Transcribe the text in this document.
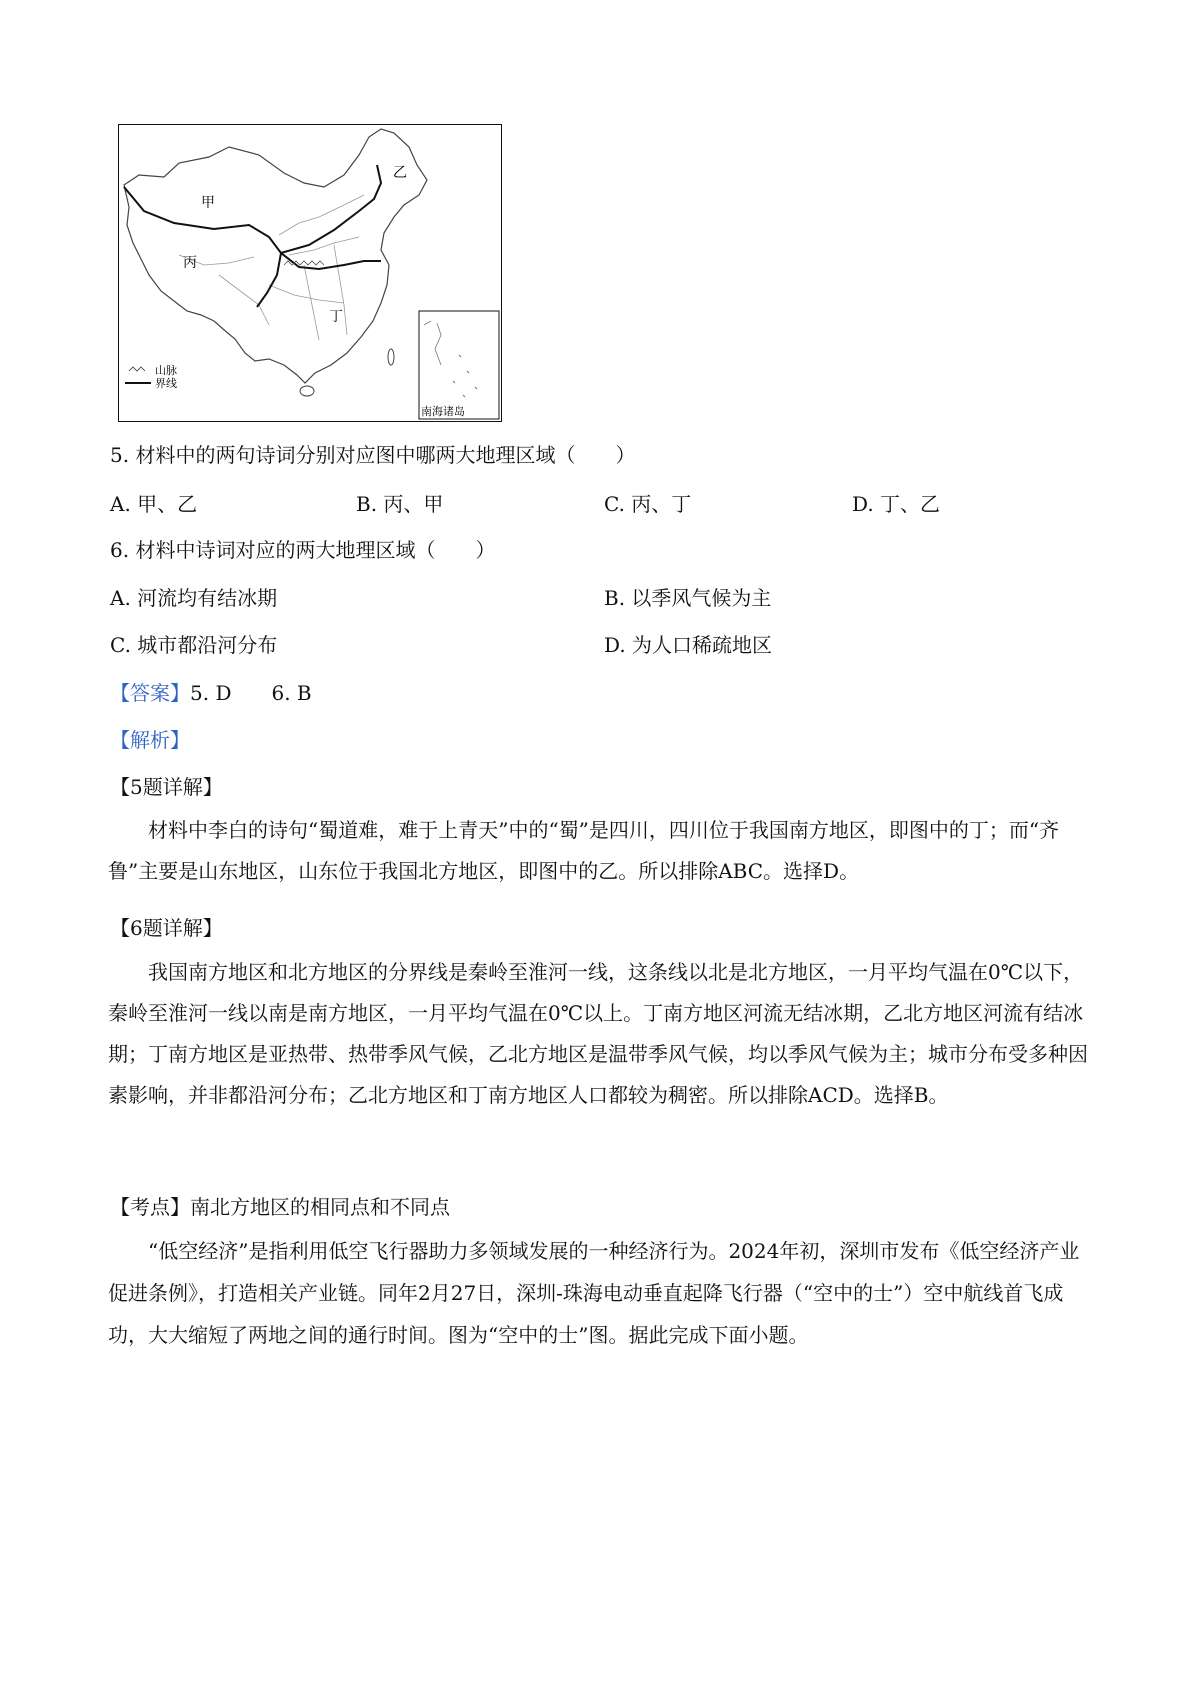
山脉
界线
南海诸岛
甲
乙
丙
丁
5. 材料中的两句诗词分别对应图中哪两大地理区域（　　）
A. 甲、乙	B. 丙、甲	C. 丙、丁	D. 丁、乙
6. 材料中诗词对应的两大地理区域（　　）
A. 河流均有结冰期	B. 以季风气候为主
C. 城市都沿河分布	D. 为人口稀疏地区
【答案】5. D　　6. B
【解析】
【5题详解】

材料中李白的诗句“蜀道难，难于上青天”中的“蜀”是四川，四川位于我国南方地区，即图中的丁；而“齐鲁”主要是山东地区，山东位于我国北方地区，即图中的乙。所以排除ABC。选择D。

【6题详解】

我国南方地区和北方地区的分界线是秦岭至淮河一线，这条线以北是北方地区，一月平均气温在0℃以下，秦岭至淮河一线以南是南方地区，一月平均气温在0℃以上。丁南方地区河流无结冰期，乙北方地区河流有结冰期；丁南方地区是亚热带、热带季风气候，乙北方地区是温带季风气候，均以季风气候为主；城市分布受多种因素影响，并非都沿河分布；乙北方地区和丁南方地区人口都较为稠密。所以排除ACD。选择B。

【考点】南北方地区的相同点和不同点

“低空经济”是指利用低空飞行器助力多领域发展的一种经济行为。2024年初，深圳市发布《低空经济产业促进条例》，打造相关产业链。同年2月27日，深圳-珠海电动垂直起降飞行器（“空中的士”）空中航线首飞成功，大大缩短了两地之间的通行时间。图为“空中的士”图。据此完成下面小题。
